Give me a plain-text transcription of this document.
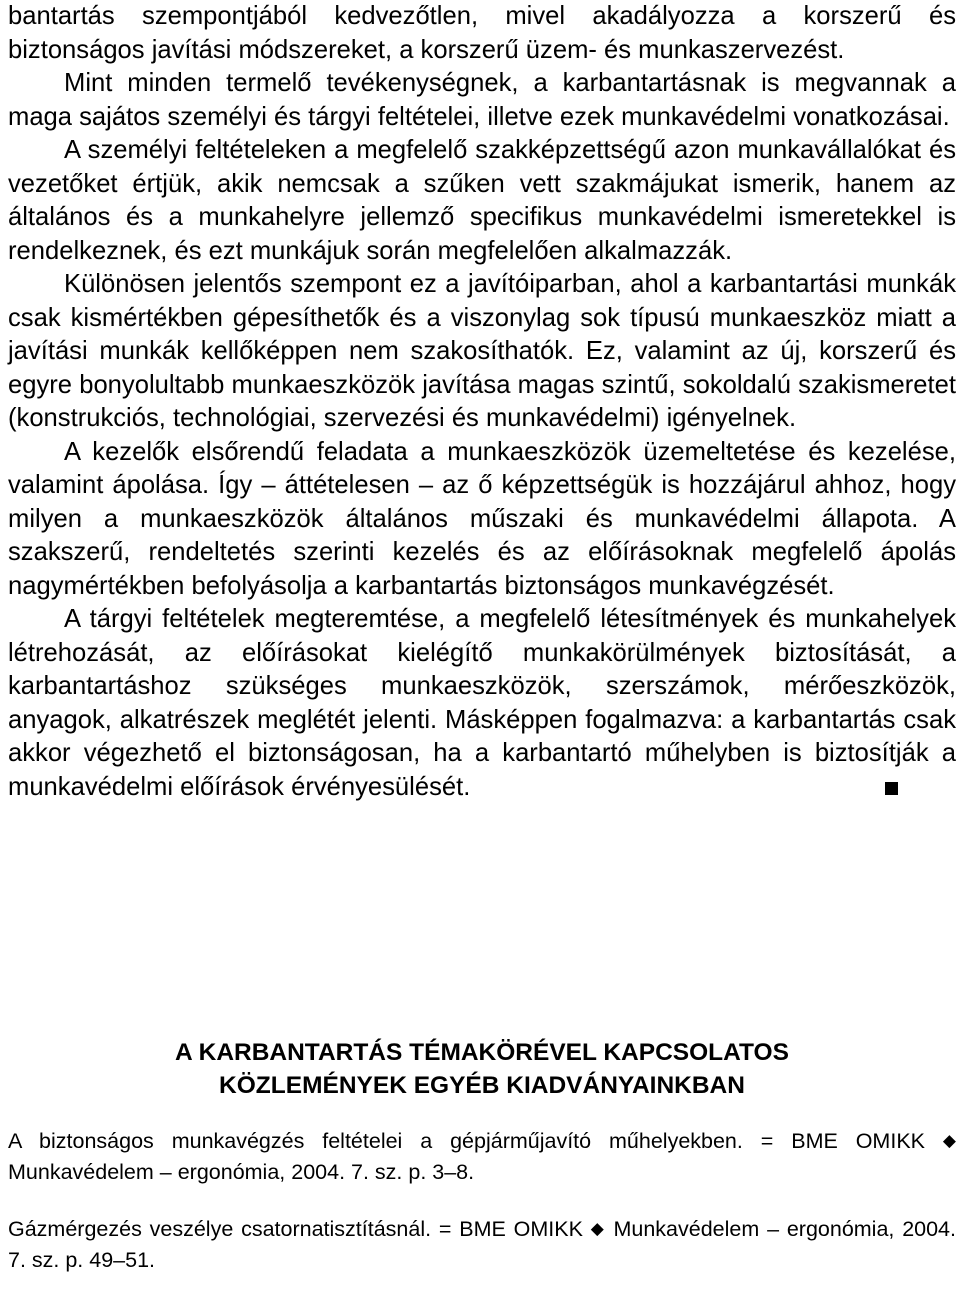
bantartás szempontjából kedvezőtlen, mivel akadályozza a korszerű és biztonságos javítási módszereket, a korszerű üzem- és munkaszervezést.

Mint minden termelő tevékenységnek, a karbantartásnak is megvannak a maga sajátos személyi és tárgyi feltételei, illetve ezek munkavédelmi vonatkozásai.

A személyi feltételeken a megfelelő szakképzettségű azon munkavállalókat és vezetőket értjük, akik nemcsak a szűken vett szakmájukat ismerik, hanem az általános és a munkahelyre jellemző specifikus munkavédelmi ismeretekkel is rendelkeznek, és ezt munkájuk során megfelelően alkalmazzák.

Különösen jelentős szempont ez a javítóiparban, ahol a karbantartási munkák csak kismértékben gépesíthetők és a viszonylag sok típusú munkaeszköz miatt a javítási munkák kellőképpen nem szakosíthatók. Ez, valamint az új, korszerű és egyre bonyolultabb munkaeszközök javítása magas szintű, sokoldalú szakismeretet (konstrukciós, technológiai, szervezési és munkavédelmi) igényelnek.

A kezelők elsőrendű feladata a munkaeszközök üzemeltetése és kezelése, valamint ápolása. Így – áttételesen – az ő képzettségük is hozzájárul ahhoz, hogy milyen a munkaeszközök általános műszaki és munkavédelmi állapota. A szakszerű, rendeltetés szerinti kezelés és az előírásoknak megfelelő ápolás nagymértékben befolyásolja a karbantartás biztonságos munkavégzését.

A tárgyi feltételek megteremtése, a megfelelő létesítmények és munkahelyek létrehozását, az előírásokat kielégítő munkakörülmények biztosítását, a karbantartáshoz szükséges munkaeszközök, szerszámok, mérőeszközök, anyagok, alkatrészek meglétét jelenti. Másképpen fogalmazva: a karbantartás csak akkor végezhető el biztonságosan, ha a karbantartó műhelyben is biztosítják a munkavédelmi előírások érvényesülését.

A KARBANTARTÁS TÉMAKÖRÉVEL KAPCSOLATOS
KÖZLEMÉNYEK EGYÉB KIADVÁNYAINKBAN

A biztonságos munkavégzés feltételei a gépjárműjavító műhelyekben. = BME OMIKK ◆ Munkavédelem – ergonómia, 2004. 7. sz. p. 3–8.

Gázmérgezés veszélye csatornatisztításnál. = BME OMIKK ◆ Munkavédelem – ergonómia, 2004. 7. sz. p. 49–51.
